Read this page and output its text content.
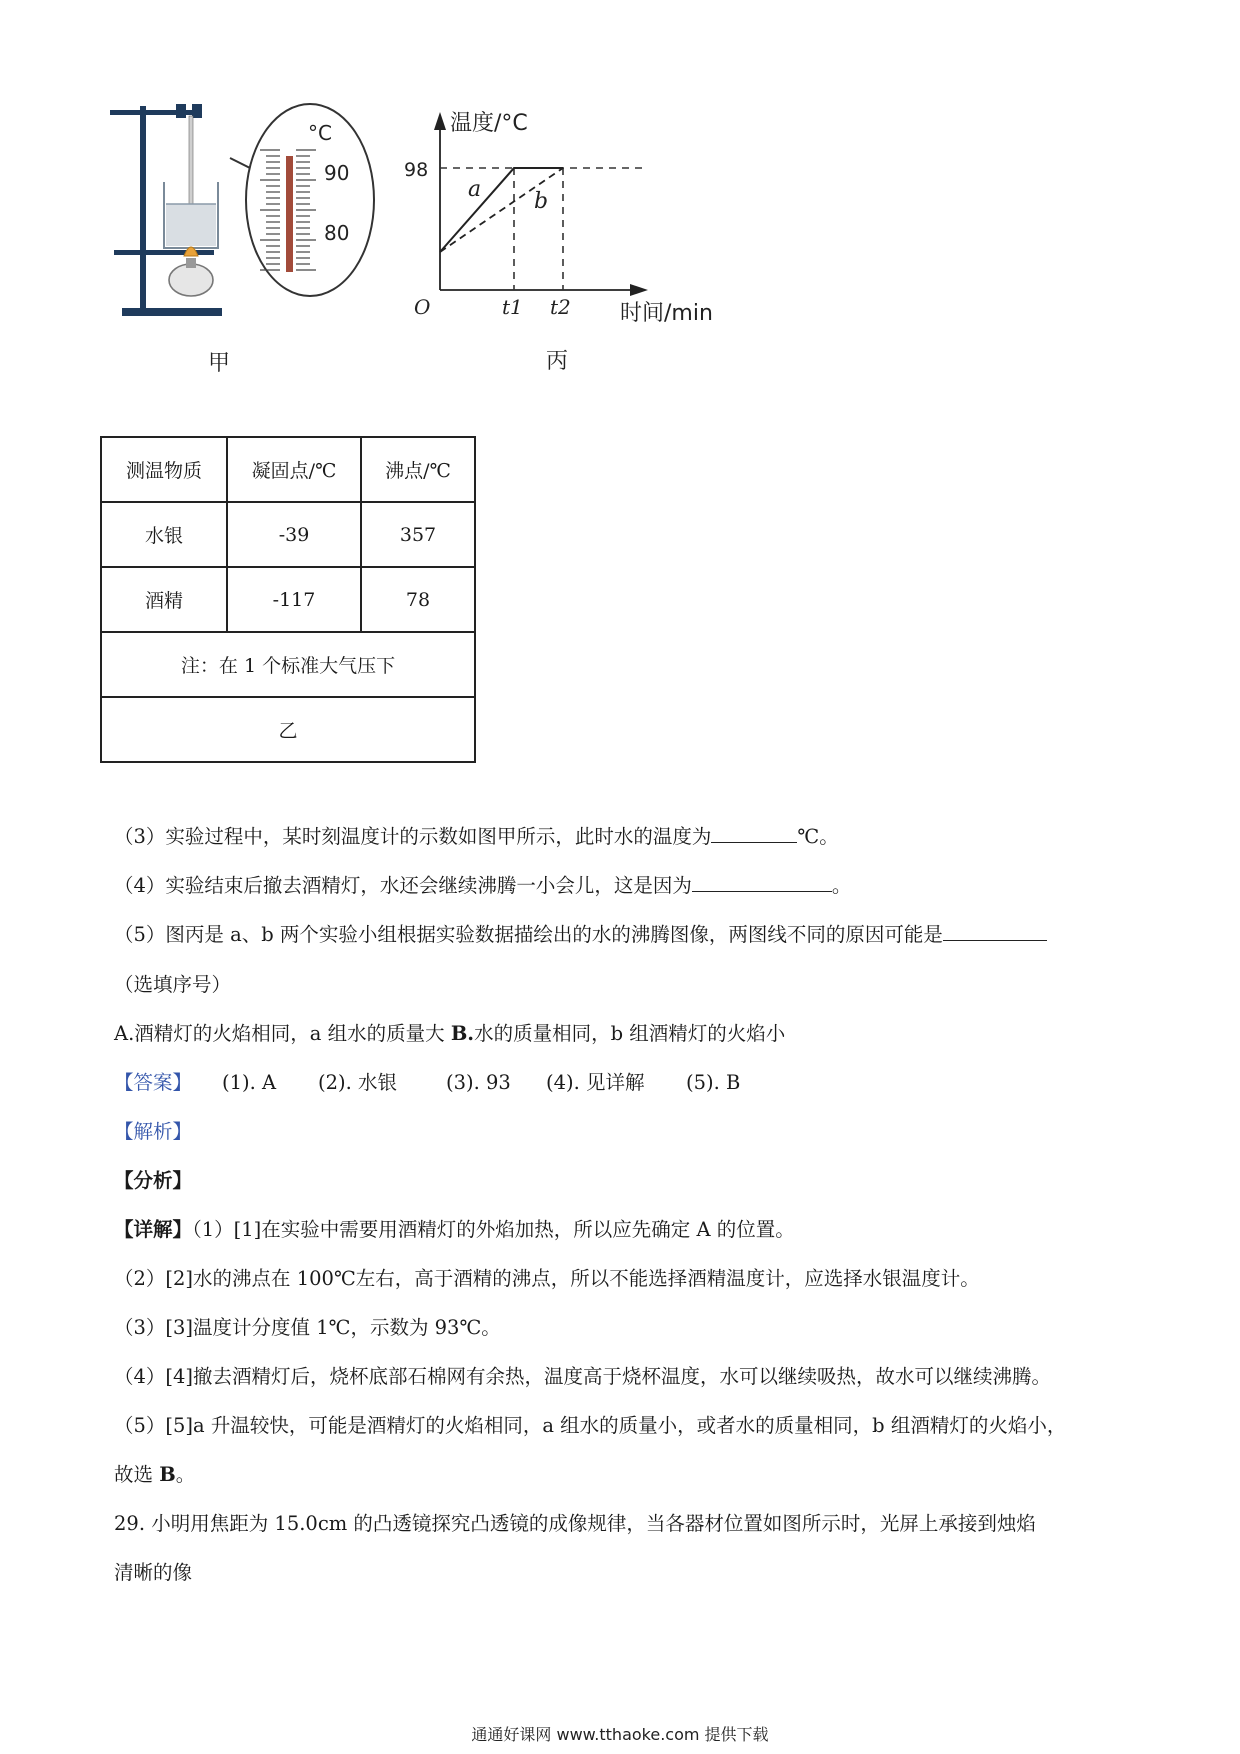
°C
90
80
甲
温度/°C
98
a b
O	t1 t2 时间/min
丙
测温物质	凝固点/℃	沸点/℃
水银	-39	357
酒精	-117	78
注：在 1 个标准大气压下		
乙		
（3）实验过程中，某时刻温度计的示数如图甲所示，此时水的温度为	℃。
（4）实验结束后撤去酒精灯，水还会继续沸腾一小会儿，这是因为	。
（5）图丙是 a、b 两个实验小组根据实验数据描绘出的水的沸腾图像，两图线不同的原因可能是
（选填序号）
A.酒精灯的火焰相同，a 组水的质量大 B.水的质量相同，b 组酒精灯的火焰小
【答案】 (1). A (2). 水银	(3). 93 (4). 见详解 (5). B
【解析】
【分析】
【详解】（1）[1]在实验中需要用酒精灯的外焰加热，所以应先确定 A 的位置。
（2）[2]水的沸点在 100℃左右，高于酒精的沸点，所以不能选择酒精温度计，应选择水银温度计。
（3）[3]温度计分度值 1℃，示数为 93℃。
（4）[4]撤去酒精灯后，烧杯底部石棉网有余热，温度高于烧杯温度，水可以继续吸热，故水可以继续沸腾。
（5）[5]a 升温较快，可能是酒精灯的火焰相同，a 组水的质量小，或者水的质量相同，b 组酒精灯的火焰小，
故选 B。
29. 小明用焦距为 15.0cm 的凸透镜探究凸透镜的成像规律，当各器材位置如图所示时，光屏上承接到烛焰
清晰的像
通通好课网 www.tthaoke.com 提供下载
